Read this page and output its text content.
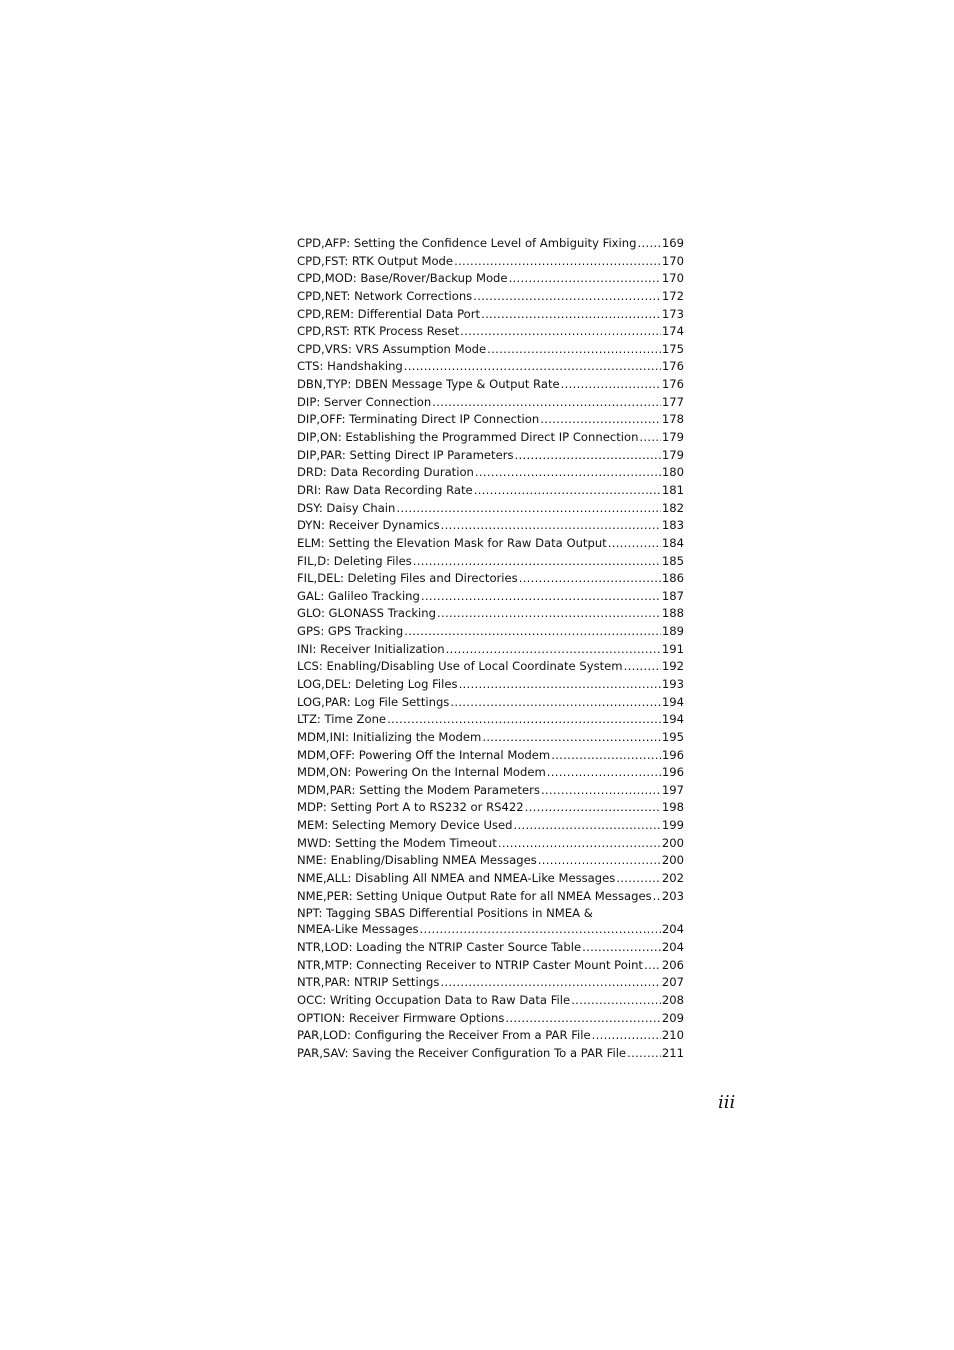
CPD,AFP: Setting the Confidence Level of Ambiguity Fixing ..... 169
CPD,FST: RTK Output Mode .....	170
CPD,MOD: Base/Rover/Backup Mode .....	170
CPD,NET: Network Corrections .....	172
CPD,REM: Differential Data Port .....	173
CPD,RST: RTK Process Reset .....	174
CPD,VRS: VRS Assumption Mode .....	175
CTS: Handshaking .....	176
DBN,TYP: DBEN Message Type & Output Rate .....	176
DIP: Server Connection .....	177
DIP,OFF: Terminating Direct IP Connection .....	178
DIP,ON: Establishing the Programmed Direct IP Connection ..... 179
DIP,PAR: Setting Direct IP Parameters .....	179
DRD: Data Recording Duration .....	180
DRI: Raw Data Recording Rate .....	181
DSY: Daisy Chain .....	182
DYN: Receiver Dynamics .....	183
ELM: Setting the Elevation Mask for Raw Data Output .....	184
FIL,D: Deleting Files .....	185
FIL,DEL: Deleting Files and Directories .....	186
GAL: Galileo Tracking .....	187
GLO: GLONASS Tracking .....	188
GPS: GPS Tracking .....	189
INI: Receiver Initialization .....	191
LCS: Enabling/Disabling Use of Local Coordinate System .....	192
LOG,DEL: Deleting Log Files .....	193
LOG,PAR: Log File Settings .....	194
LTZ: Time Zone .....	194
MDM,INI: Initializing the Modem .....	195
MDM,OFF: Powering Off the Internal Modem .....	196
MDM,ON: Powering On the Internal Modem .....	196
MDM,PAR: Setting the Modem Parameters .....	197
MDP: Setting Port A to RS232 or RS422 .....	198
MEM: Selecting Memory Device Used .....	199
MWD: Setting the Modem Timeout .....	200
NME: Enabling/Disabling NMEA Messages .....	200
NME,ALL: Disabling All NMEA and NMEA-Like Messages .....	202
NME,PER: Setting Unique Output Rate for all NMEA Messages ..... 203
NPT: Tagging SBAS Differential Positions in NMEA &
NMEA-Like Messages .....	204
NTR,LOD: Loading the NTRIP Caster Source Table .....	204
NTR,MTP: Connecting Receiver to NTRIP Caster Mount Point ..... 206
NTR,PAR: NTRIP Settings .....	207
OCC: Writing Occupation Data to Raw Data File .....	208
OPTION: Receiver Firmware Options .....	209
PAR,LOD: Configuring the Receiver From a PAR File .....	210
PAR,SAV: Saving the Receiver Configuration To a PAR File .....	211
iii
